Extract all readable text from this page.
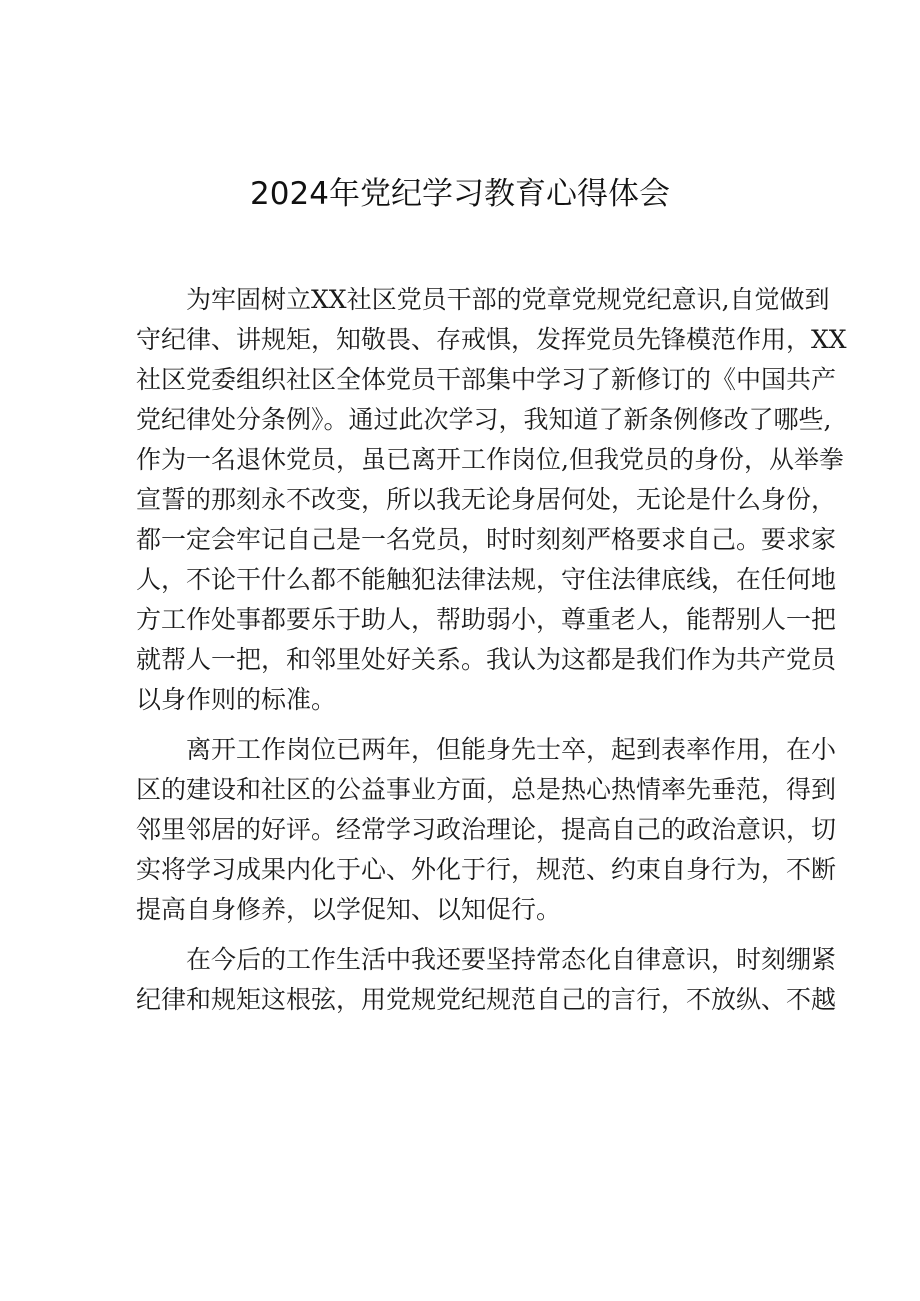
2024年党纪学习教育心得体会
为牢固树立XX社区党员干部的党章党规党纪意识,自觉做到
守纪律、讲规矩，知敬畏、存戒惧，发挥党员先锋模范作用，XX
社区党委组织社区全体党员干部集中学习了新修订的《中国共产
党纪律处分条例》。通过此次学习，我知道了新条例修改了哪些,
作为一名退休党员，虽已离开工作岗位,但我党员的身份，从举拳
宣誓的那刻永不改变，所以我无论身居何处，无论是什么身份，
都一定会牢记自己是一名党员，时时刻刻严格要求自己。要求家
人，不论干什么都不能触犯法律法规，守住法律底线，在任何地
方工作处事都要乐于助人，帮助弱小，尊重老人，能帮别人一把
就帮人一把，和邻里处好关系。我认为这都是我们作为共产党员
以身作则的标准。
离开工作岗位已两年，但能身先士卒，起到表率作用，在小
区的建设和社区的公益事业方面，总是热心热情率先垂范，得到
邻里邻居的好评。经常学习政治理论，提高自己的政治意识，切
实将学习成果内化于心、外化于行，规范、约束自身行为，不断
提高自身修养，以学促知、以知促行。
在今后的工作生活中我还要坚持常态化自律意识，时刻绷紧
纪律和规矩这根弦，用党规党纪规范自己的言行，不放纵、不越
